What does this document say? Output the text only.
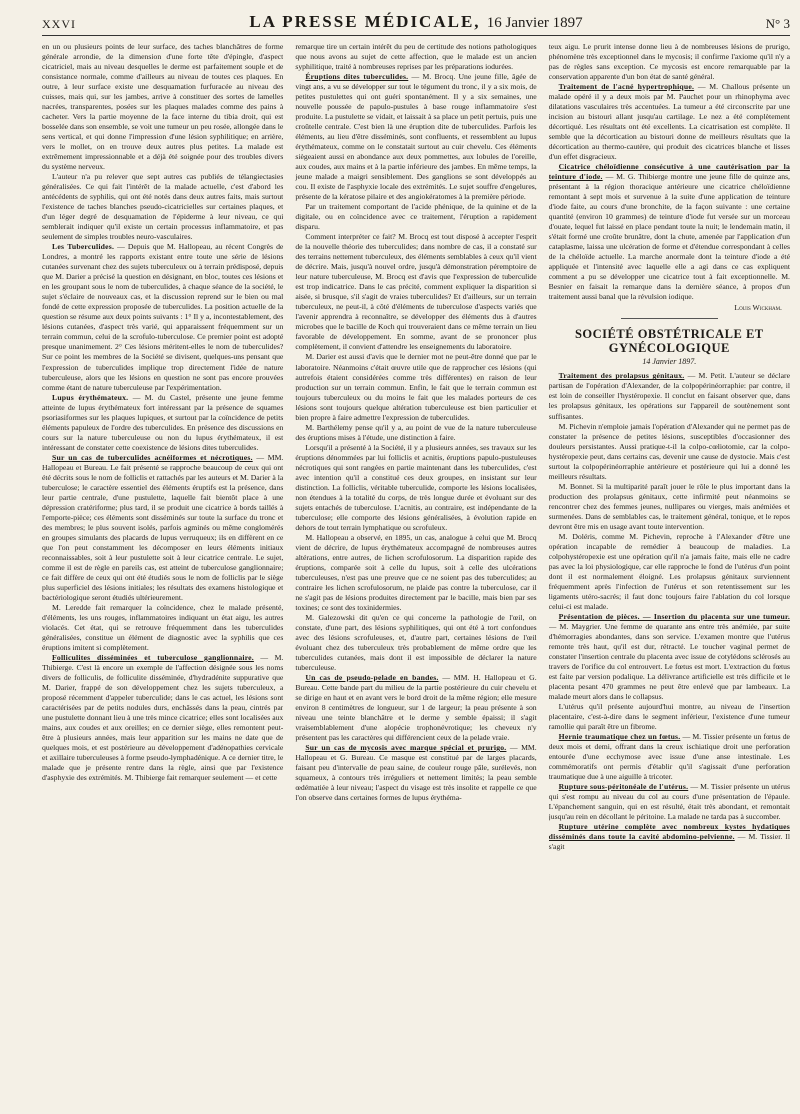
XXVI	LA PRESSE MÉDICALE, 16 Janvier 1897	N° 3

en un ou plusieurs points de leur surface, des taches blanchâtres de forme générale arrondie, de la dimension d'une forte tête d'épingle, d'aspect cicatriciel, mais au niveau desquelles le derme est parfaitement souple et de consistance normale, comme d'ailleurs au niveau de toutes ces plaques. En outre, à leur surface existe une desquamation furfuracée au niveau des cuisses, mais qui, sur les jambes, arrive à constituer des sortes de lamelles nacrées, transparentes, posées sur les plaques malades comme des pains à cacheter. Vers la partie moyenne de la face interne du tibia droit, qui est bosselée dans son ensemble, se voit une tumeur un peu rosée, allongée dans le sens vertical, et qui donne l'impression d'une lésion syphilitique; en arrière, vers le mollet, on en trouve deux autres plus petites. La malade est extrêmement impressionnable et a déjà été soignée pour des troubles divers du système nerveux.

L'auteur n'a pu relever que sept autres cas publiés de télangiectasies généralisées. Ce qui fait l'intérêt de la malade actuelle, c'est d'abord les antécédents de syphilis, qui ont été notés dans deux autres faits, mais surtout l'existence de taches blanches pseudo-cicatricielles sur certaines plaques, et d'un léger degré de desquamation de l'épiderme à leur niveau, ce qui semblerait indiquer qu'il existe un certain processus inflammatoire, et pas seulement de simples troubles neuro-vasculaires.

Les Tuberculides. — Depuis que M. Hallopeau, au récent Congrès de Londres, a montré les rapports existant entre toute une série de lésions cutanées survenant chez des sujets tuberculeux ou à terrain prédisposé, depuis que M. Darier a précisé la question en désignant, en bloc, toutes ces lésions et en les groupant sous le nom de tuberculides, à chaque séance de la société, le sujet s'éclaire de nouveaux cas, et la discussion reprend sur le bien ou mal fondé de cette expression proposée de tuberculides. La position actuelle de la question se résume aux deux points suivants : 1° Il y a, incontestablement, des lésions cutanées, d'aspect très varié, qui apparaissent fréquemment sur un terrain commun, celui de la scrofulo-tuberculose. Ce premier point est adopté presque unanimement. 2° Ces lésions méritent-elles le nom de tuberculides? Sur ce point les membres de la Société se divisent, quelques-uns pensant que l'expression de tuberculides implique trop directement l'idée de nature tuberculeuse, alors que les lésions en question ne sont pas encore prouvées comme étant de nature tuberculeuse par l'expérimentation.

Lupus érythémateux. — M. du Castel, présente une jeune femme atteinte de lupus érythémateux fort intéressant par la présence de squames psoriasiformes sur les plaques lupiques, et surtout par la coïncidence de petits éléments papuleux de l'ordre des tuberculides. En présence des discussions en cours sur la nature tuberculeuse ou non du lupus érythémateux, il est intéressant de constater cette coexistence de lésions dites tuberculides.

Sur un cas de tuberculides acnéiformes et nécrotiques. — MM. Hallopeau et Bureau. Le fait présenté se rapproche beaucoup de ceux qui ont été décrits sous le nom de folliclis et rattachés par les auteurs et M. Darier à la tuberculose; le caractère essentiel des éléments éruptifs est la présence, dans leur partie centrale, d'une pustulette, laquelle fait bientôt place à une dépression cratériforme; plus tard, il se produit une cicatrice à bords taillés à l'emporte-pièce; ces éléments sont disséminés sur toute la surface du tronc et des membres; le plus souvent isolés, parfois agminés ou même conglomérés en groupes simulants des placards de lupus verruqueux; ils en diffèrent en ce que l'on peut constamment les décomposer en leurs éléments initiaux reconnaissables, soit à leur pustulette soit à leur cicatrice centrale. Le sujet, comme il est de règle en pareils cas, est atteint de tuberculose ganglionnaire; ce fait diffère de ceux qui ont été étudiés sous le nom de folliclis par le siège plus superficiel des lésions initiales; les résultats des examens histologique et bactériologique seront étudiés ultérieurement.

M. Leredde fait remarquer la coïncidence, chez le malade présenté, d'éléments, les uns rouges, inflammatoires indiquant un état aigu, les autres violacés. Cet état, qui se retrouve fréquemment dans les tuberculides généralisées, constitue un élément de diagnostic avec la syphilis que ces éruptions imitent si complètement.

Folliculites disséminées et tuberculose ganglionnaire. — M. Thibierge. C'est là encore un exemple de l'affection désignée sous les noms divers de folliculis, de folliculite disséminée, d'hydradénite suppurative que M. Darier, frappé de son développement chez les sujets tuberculeux, a proposé récemment d'appeler tuberculide; dans le cas actuel, les lésions sont caractérisées par de petits nodules durs, enchâssés dans la peau, cintrés par une pustulette donnant lieu à une très mince cicatrice; elles sont localisées aux mains, aux coudes et aux oreilles; en ce dernier siège, elles remontent peut-être à plusieurs années, mais leur apparition sur les mains ne date que de quelques mois, et est postérieure au développement d'adénopathies cervicale et axillaire tuberculeuses à forme pseudo-lymphadénique. A ce dernier titre, le malade que je présente rentre dans la règle, ainsi que par l'existence d'asphyxie des extrémités. M. Thibierge fait remarquer seulement — et cette

remarque tire un certain intérêt du peu de certitude des notions pathologiques que nous avons au sujet de cette affection, que le malade est un ancien syphilitique, traité à nombreuses reprises par les préparations iodurées.

Éruptions dites tuberculides. — M. Brocq. Une jeune fille, âgée de vingt ans, a vu se développer sur tout le tégument du tronc, il y a six mois, de petites pustulettes qui ont guéri spontanément. Il y a six semaines, une nouvelle poussée de papulo-pustules à base rouge inflammatoire s'est produite. La pustulette se vidait, et laissait à sa place un petit pertuis, puis une croûtelle centrale. C'est bien là une éruption dite de tuberculides. Parfois les éléments, au lieu d'être disséminés, sont confluents, et ressemblent au lupus érythémateux, comme on le constatait surtout au cuir chevelu. Ces éléments siègeaient aussi en abondance aux deux pommettes, aux lobules de l'oreille, aux coudes, aux mains et à la partie inférieure des jambes. En même temps, la jeune malade a maigri sensiblement. Des ganglions se sont développés au cou. Il existe de l'asphyxie locale des extrémités. Le sujet souffre d'engelures, présente de la kératose pilaire et des angiokératomes à la première période.

Par un traitement comportant de l'acide phénique, de la quinine et de la digitale, ou en coïncidence avec ce traitement, l'éruption a rapidement disparu.

Comment interpréter ce fait? M. Brocq est tout disposé à accepter l'esprit de la nouvelle théorie des tuberculides; dans nombre de cas, il a constaté sur des terrains nettement tuberculeux, des éléments semblables à ceux qu'il vient de décrire. Mais, jusqu'à nouvel ordre, jusqu'à démonstration péremptoire de leur nature tuberculeuse, M. Brocq est d'avis que l'expression de tuberculide est trop indicatrice. Dans le cas précité, comment expliquer la disparition si aisée, si brusque, s'il s'agit de vraies tuberculides? Et d'ailleurs, sur un terrain tuberculeux, ne peut-il, à côté d'éléments de tuberculose d'aspects variés que l'avenir apprendra à reconnaître, se développer des éléments dus à d'autres microbes que le bacille de Koch qui trouveraient dans ce même terrain un lieu favorable de développement. En somme, avant de se prononcer plus complètement, il convient d'attendre les enseignements du laboratoire.

M. Darier est aussi d'avis que le dernier mot ne peut-être donné que par le laboratoire. Néanmoins c'était œuvre utile que de rapprocher ces lésions (qui autrefois étaient considérées comme très différentes) en raison de leur production sur un terrain commun. Enfin, le fait que le terrain commun est toujours tuberculeux ou du moins le fait que les malades porteurs de ces lésions sont toujours quelque altération tuberculeuse est bien particulier et bien propre à faire admettre l'expression de tuberculides.

M. Barthélemy pense qu'il y a, au point de vue de la nature tuberculeuse des éruptions mises à l'étude, une distinction à faire.

Lorsqu'il a présenté à la Société, il y a plusieurs années, ses travaux sur les éruptions dénommées par lui folliclis et acnitis, éruptions papulo-pustuleuses nécrotiques qui sont rangées en partie maintenant dans les tuberculides, c'est avec intention qu'il a constitué ces deux groupes, en insistant sur leur distinction. La folliclis, véritable tuberculide, comporte les lésions localisées, non étendues à la totalité du corps, de très longue durée et évoluant sur des sujets entachés de tuberculose. L'acnitis, au contraire, est indépendante de la tuberculose; elle comporte des lésions généralisées, à évolution rapide en dehors de tout terrain lymphatique ou scrofuleux.

M. Hallopeau a observé, en 1895, un cas, analogue à celui que M. Brocq vient de décrire, de lupus érythémateux accompagné de nombreuses autres altérations, entre autres, de lichen scrofulosorum. La disparition rapide des éruptions, comparée soit à celle du lupus, soit à celle des ulcérations tuberculeuses, n'est pas une preuve que ce ne soient pas des tuberculides; au contraire les lichen scrofulosorum, ne plaide pas contre la tuberculose, car il ne s'agit pas de lésions produites directement par le bacille, mais bien par ses toxines; ce sont des toxinidermies.

M. Galezowski dit qu'en ce qui concerne la pathologie de l'œil, on constate, d'une part, des lésions syphilitiques, qui ont été à tort confondues avec des lésions scrofuleuses, et, d'autre part, certaines lésions de l'œil évoluant chez des tuberculeux très probablement de même ordre que les tuberculides cutanées, mais dont il est impossible de déclarer la nature tuberculeuse.

Un cas de pseudo-pelade en bandes. — MM. H. Hallopeau et G. Bureau. Cette bande part du milieu de la partie postérieure du cuir chevelu et se dirige en haut et en avant vers le bord droit de la même région; elle mesure environ 8 centimètres de longueur, sur 1 de largeur; la peau présente à son niveau une teinte blanchâtre et le derme y semble épaissi; il s'agit vraisemblablement d'une alopécie trophonévrotique; les cheveux n'y présentent pas les caractères qui différencient ceux de la pelade vraie.

Sur un cas de mycosis avec marque spécial et prurigo. — MM. Hallopeau et G. Bureau. Ce masque est constitué par de larges placards, faisant peu d'intervalle de peau saine, de couleur rouge pâle, surélevés, non squameux, à contours très irréguliers et nettement limités; la peau semble œdématiée à leur niveau; l'aspect du visage est très insolite et rappelle ce que l'on observe dans certaines formes de lupus érythéma-

teux aigu. Le prurit intense donne lieu à de nombreuses lésions de prurigo, phénomène très exceptionnel dans le mycosis; il confirme l'axiome qu'il n'y a pas de règles sans exception. Ce mycosis est encore remarquable par la conservation apparente d'un bon état de santé général.

Traitement de l'acné hypertrophique. — M. Challous présente un malade opéré il y a deux mois par M. Pauchet pour un rhinophyma avec dilatations vasculaires très accentuées. La tumeur a été circonscrite par une incision au bistouri allant jusqu'au cartilage. Le nez a été complètement décortiqué. Les résultats ont été excellents. La cicatrisation est complète. Il semble que la décortication au bistouri donne de meilleurs résultats que la décortication au thermo-cautère, qui produit des cicatrices blanche et lisses d'un effet disgracieux.

Cicatrice chéloïdienne consécutive à une cautérisation par la teinture d'iode. — M. G. Thibierge montre une jeune fille de quinze ans, présentant à la région thoracique antérieure une cicatrice chéloïdienne remontant à sept mois et survenue à la suite d'une application de teinture d'iode faite, au cours d'une bronchite, de la façon suivante : une certaine quantité (environ 10 grammes) de teinture d'iode fut versée sur un morceau d'ouate, lequel fut laissé en place pendant toute la nuit; le lendemain matin, il s'était formé une croûte brunâtre, dont la chute, amenée par l'application d'un cataplasme, laissa une ulcération de forme et d'étendue correspondant à celles de la chéloïde actuelle. La marche anormale dont la teinture d'iode a été appliquée et l'intensité avec laquelle elle a agi dans ce cas expliquent comment a pu se développer une cicatrice tout à fait exceptionnelle. M. Besnier en faisait la remarque dans la dernière séance, à propos d'un traitement aussi banal que la révulsion iodique.

Louis Wickham.
SOCIÉTÉ OBSTÉTRICALE ET GYNÉCOLOGIQUE
14 Janvier 1897.

Traitement des prolapsus génitaux. — M. Petit. L'auteur se déclare partisan de l'opération d'Alexander, de la colpopérinéorraphie: par contre, il est loin de conseiller l'hystéropexie. Il conclut en faisant observer que, dans les prolapsus génitaux, les opérations sur l'appareil de soutènement sont suffisantes.

M. Pichevin n'emploie jamais l'opération d'Alexander qui ne permet pas de constater la présence de petites lésions, susceptibles d'occasionner des douleurs persistantes. Aussi pratique-t-il la colpo-cœliotomie, car la colpo-hystéropexie peut, dans certains cas, devenir une cause de dystocie. Mais c'est surtout la colpopérinéorraphie antérieure et postérieure qui lui a donné les meilleurs résultats.

M. Bonnet. Si la multiparité paraît jouer le rôle le plus important dans la production des prolapsus génitaux, cette infirmité peut néanmoins se rencontrer chez des femmes jeunes, nullipares ou vierges, mais anémiées et surmenées. Dans de semblables cas, le traitement général, tonique, et le repos devront être mis en usage avant toute intervention.

M. Doléris, comme M. Pichevin, reproche à l'Alexander d'être une opération incapable de remédier à beaucoup de maladies. La colpohystéropexie est une opération qu'il n'a jamais faite, mais elle ne cadre pas avec la loi physiologique, car elle rapproche le fond de l'utérus d'un point dont il est normalement éloigné. Les prolapsus génitaux surviennent fréquemment après l'infection de l'utérus et son retentissement sur les ligaments utéro-sacrés; il faut donc toujours faire l'ablation du col lorsque celui-ci est malade.

Présentation de pièces. — Insertion du placenta sur une tumeur. — M. Maygrier. Une femme de quarante ans entre très anémiée, par suite d'hémorragies abondantes, dans son service. L'examen montre que l'utérus remonte très haut, qu'il est dur, rétracté. Le toucher vaginal permet de constater l'insertion centrale du placenta avec issue de cotylédons sclérosés au travers de l'orifice du col entrouvert. Le fœtus est mort. L'extraction du fœtus est faite par version podalique. La délivrance artificielle est très difficile et le placenta pesant 470 grammes ne peut être enlevé que par lambeaux. La malade meurt alors dans le collapsus.

L'utérus qu'il présente aujourd'hui montre, au niveau de l'insertion placentaire, c'est-à-dire dans le segment inférieur, l'existence d'une tumeur ramollie qui paraît être un fibrome.

Hernie traumatique chez un fœtus. — M. Tissier présente un fœtus de deux mois et demi, offrant dans la creux ischiatique droit une perforation entourée d'une ecchymose avec issue d'une anse intestinale. Les commémoratifs ont permis d'établir qu'il s'agissait d'une perforation traumatique due à une aiguille à tricoter.

Rupture sous-péritonéale de l'utérus. — M. Tissier présente un utérus qui s'est rompu au niveau du col au cours d'une présentation de l'épaule. L'épanchement sanguin, qui en est résulté, était très abondant, et remontait jusqu'au rein en décollant le péritoine. La malade ne tarda pas à succomber.

Rupture utérine complète avec nombreux kystes hydatiques disséminés dans toute la cavité abdomino-pelvienne. — M. Tissier. Il s'agit
